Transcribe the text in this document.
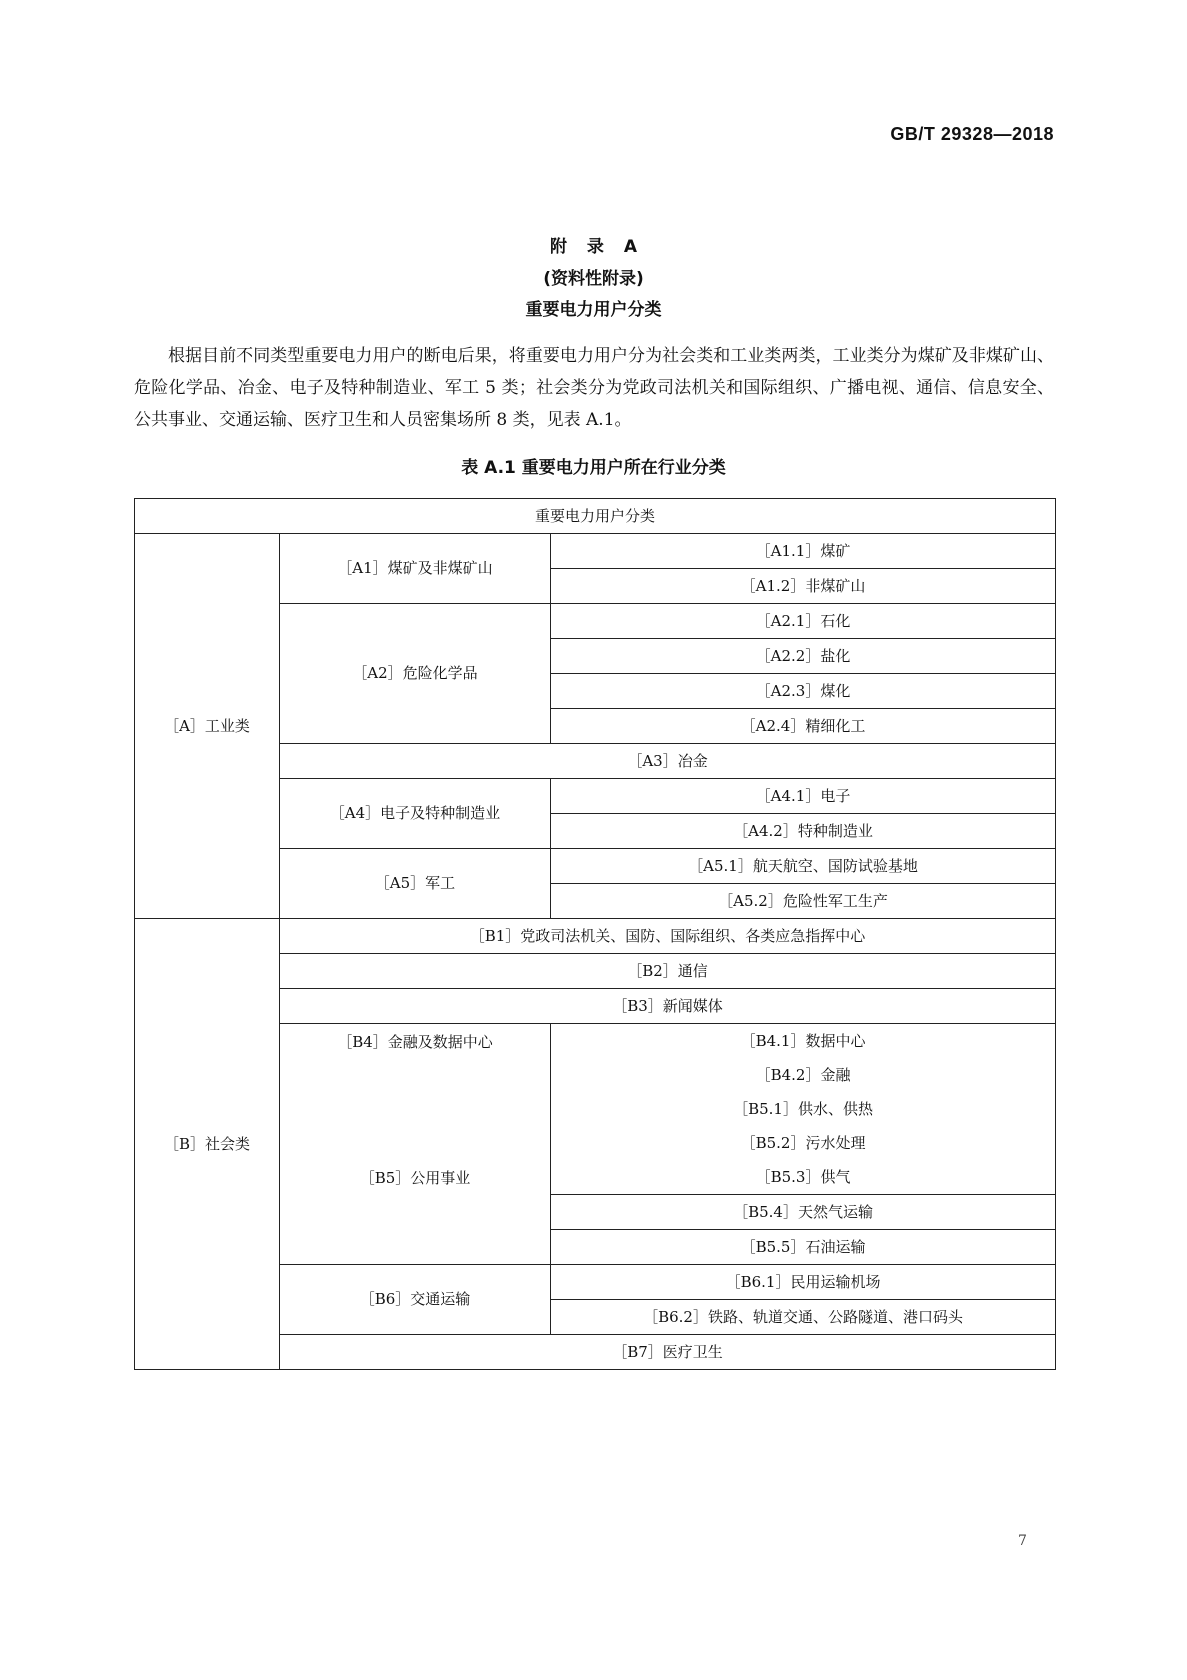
GB/T 29328—2018
附 录 A
(资料性附录)
重要电力用户分类

根据目前不同类型重要电力用户的断电后果，将重要电力用户分为社会类和工业类两类，工业类分为煤矿及非煤矿山、危险化学品、冶金、电子及特种制造业、军工 5 类；社会类分为党政司法机关和国际组织、广播电视、通信、信息安全、公共事业、交通运输、医疗卫生和人员密集场所 8 类，见表 A.1。

表 A.1 重要电力用户所在行业分类
重要电力用户分类		
［A］工业类	［A1］煤矿及非煤矿山	［A1.1］煤矿
		［A1.2］非煤矿山
	［A2］危险化学品	［A2.1］石化
		［A2.2］盐化
		［A2.3］煤化
		［A2.4］精细化工
	［A3］冶金	
	［A4］电子及特种制造业	［A4.1］电子
		［A4.2］特种制造业
	［A5］军工	［A5.1］航天航空、国防试验基地
		［A5.2］危险性军工生产
［B］社会类	［B1］党政司法机关、国防、国际组织、各类应急指挥中心	
	［B2］通信	
	［B3］新闻媒体	
	［B4］金融及数据中心	［B4.1］数据中心
		［B4.2］金融
	［B5］公用事业	［B5.1］供水、供热
		［B5.2］污水处理
		［B5.3］供气
		［B5.4］天然气运输
		［B5.5］石油运输
	［B6］交通运输	［B6.1］民用运输机场
		［B6.2］铁路、轨道交通、公路隧道、港口码头
	［B7］医疗卫生	
7
